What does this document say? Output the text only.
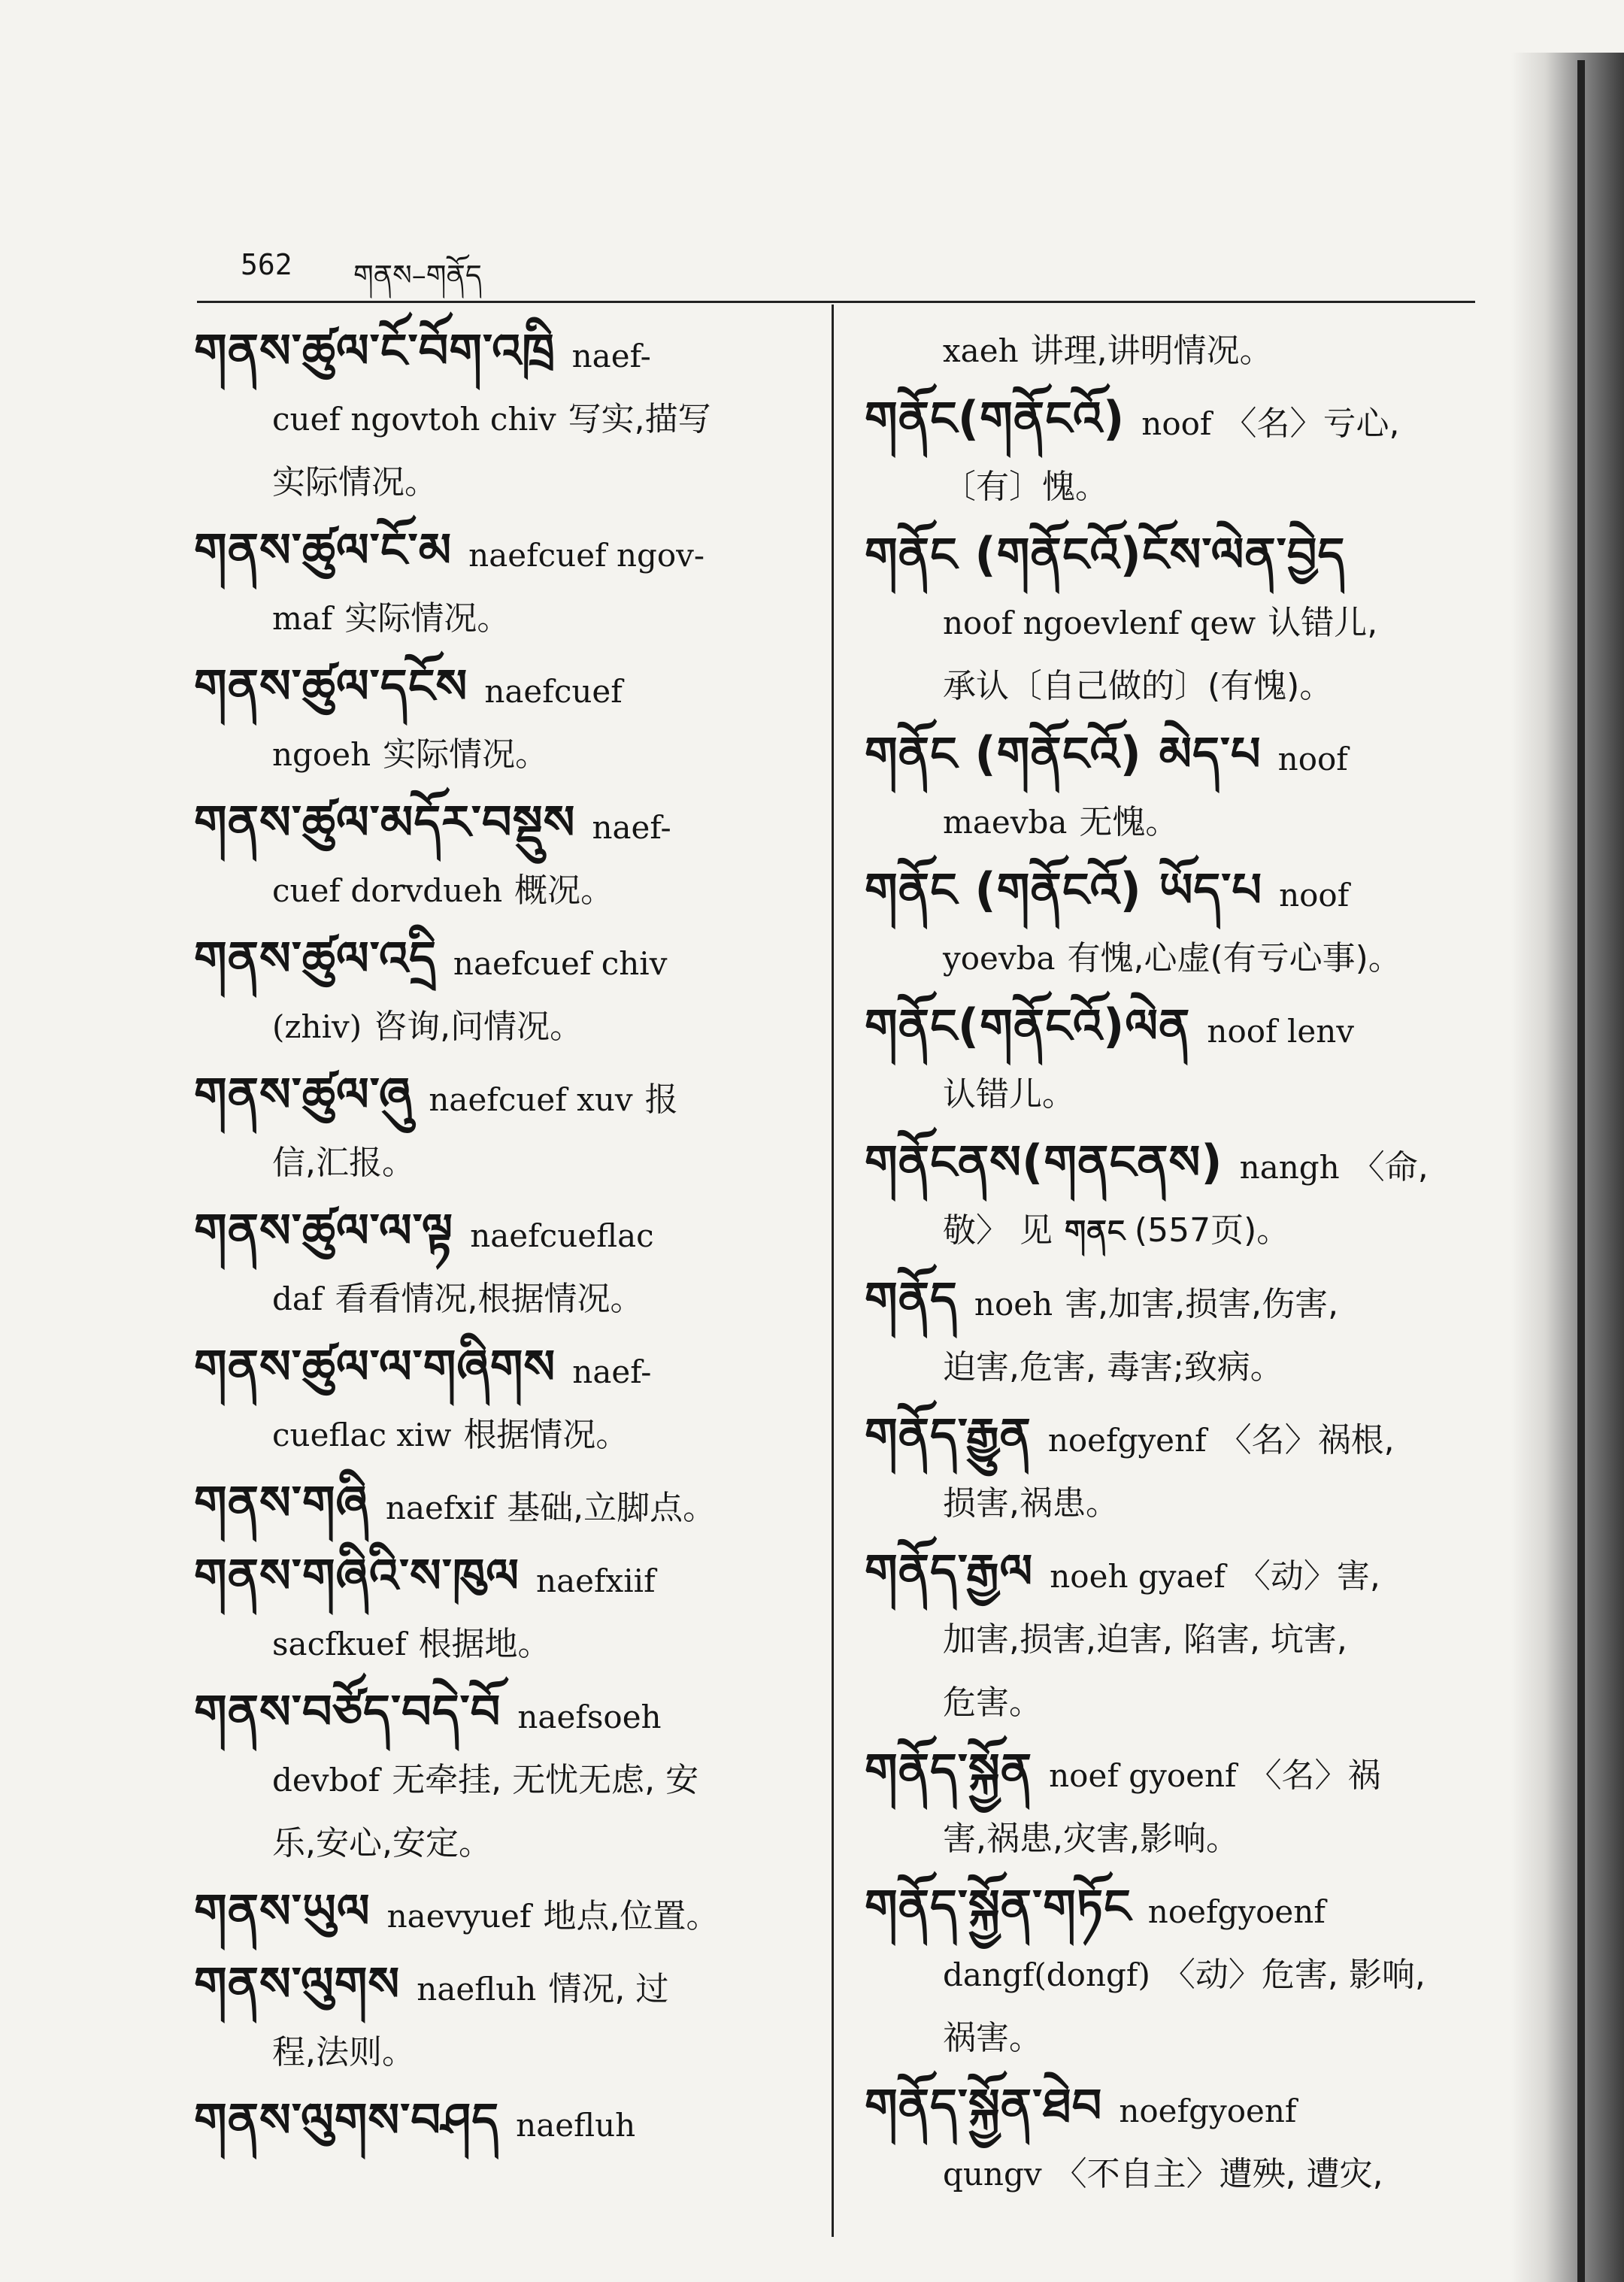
562 གནས–གནོད
གནས་ཚུལ་ངོ་བོག་འཁྲི naef-
cuef ngovtoh chiv 写实,描写
实际情况。
གནས་ཚུལ་ངོ་མ naefcuef ngov-
maf 实际情况。
གནས་ཚུལ་དངོས naefcuef
ngoeh 实际情况。
གནས་ཚུལ་མདོར་བསྡུས naef-
cuef dorvdueh 概况。
གནས་ཚུལ་འདྲི naefcuef chiv
(zhiv) 咨询,问情况。
གནས་ཚུལ་ཞུ naefcuef xuv 报
信,汇报。
གནས་ཚུལ་ལ་ལྟ naefcueflac
daf 看看情况,根据情况。
གནས་ཚུལ་ལ་གཞིགས naef-
cueflac xiw 根据情况。
གནས་གཞི naefxif 基础,立脚点。
གནས་གཞིའི་ས་ཁུལ naefxiif
sacfkuef 根据地。
གནས་བཙོད་བདེ་བོ naefsoeh
devbof 无牵挂, 无忧无虑, 安
乐,安心,安定。
གནས་ཡུལ naevyuef 地点,位置。
གནས་ལུགས naefluh 情况, 过
程,法则。
གནས་ལུགས་བཤད naefluh
xaeh 讲理,讲明情况。
གནོང(གནོངའོ) noof 〈名〉亏心,
〔有〕愧。
གནོང (གནོངའོ)ངོས་ལེན་བྱེད
noof ngoevlenf qew 认错儿,
承认〔自己做的〕(有愧)。
གནོང (གནོངའོ) མེད་པ noof
maevba 无愧。
གནོང (གནོངའོ) ཡོད་པ noof
yoevba 有愧,心虚(有亏心事)。
གནོང(གནོངའོ)ལེན noof lenv
认错儿。
གནོངནས(གནངནས) nangh 〈命,
敬〉 见 གནང (557页)。
གནོད noeh 害,加害,损害,伤害,
迫害,危害, 毒害;致病。
གནོད་རྒྱུན noefgyenf 〈名〉祸根,
损害,祸患。
གནོད་རྒྱལ noeh gyaef 〈动〉害,
加害,损害,迫害, 陷害, 坑害,
危害。
གནོད་སྐྱོན noef gyoenf 〈名〉祸
害,祸患,灾害,影响。
གནོད་སྐྱོན་གཏོང noefgyoenf
dangf(dongf) 〈动〉危害, 影响,
祸害。
གནོད་སྐྱོན་ཐེབ noefgyoenf
qungv 〈不自主〉遭殃, 遭灾,
